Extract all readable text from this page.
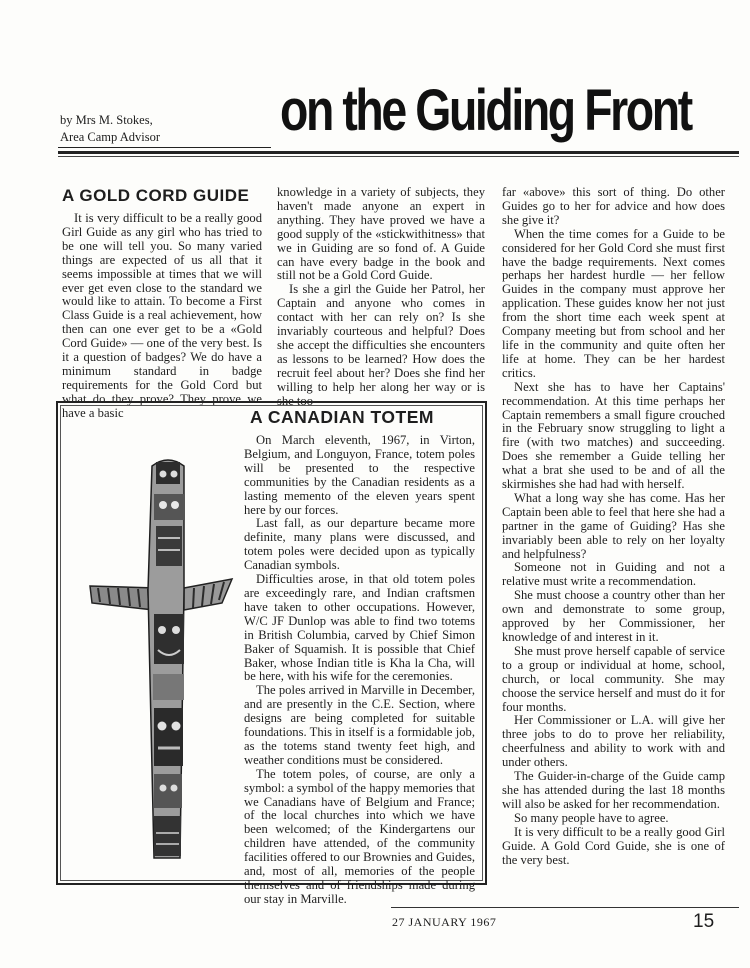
by Mrs M. Stokes,
Area Camp Advisor on the Guiding Front
A GOLD CORD GUIDE

It is very difficult to be a really good Girl Guide as any girl who has tried to be one will tell you. So many varied things are expected of us all that it seems impossible at times that we will ever get even close to the standard we would like to attain. To become a First Class Guide is a real achievement, how then can one ever get to be a «Gold Cord Guide» — one of the very best. Is it a question of badges? We do have a minimum standard in badge requirements for the Gold Cord but what do they prove? They prove we have a basic

knowledge in a variety of subjects, they haven't made anyone an expert in anything. They have proved we have a good supply of the «stickwithitness» that we in Guiding are so fond of. A Guide can have every badge in the book and still not be a Gold Cord Guide.

Is she a girl the Guide her Patrol, her Captain and anyone who comes in contact with her can rely on? Is she invariably courteous and helpful? Does she accept the difficulties she encounters as lessons to be learned? How does the recruit feel about her? Does she find her willing to help her along her way or is she too

far «above» this sort of thing. Do other Guides go to her for advice and how does she give it?

When the time comes for a Guide to be considered for her Gold Cord she must first have the badge requirements. Next comes perhaps her hardest hurdle — her fellow Guides in the company must approve her application. These guides know her not just from the short time each week spent at Company meeting but from school and her life in the community and quite often her life at home. They can be her hardest critics.

Next she has to have her Captains' recommendation. At this time perhaps her Captain remembers a small figure crouched in the February snow struggling to light a fire (with two matches) and succeeding. Does she remember a Guide telling her what a brat she used to be and of all the skirmishes she had had with herself.

What a long way she has come. Has her Captain been able to feel that here she had a partner in the game of Guiding? Has she invariably been able to rely on her loyalty and helpfulness?

Someone not in Guiding and not a relative must write a recommendation.

She must choose a country other than her own and demonstrate to some group, approved by her Commissioner, her knowledge of and interest in it.

She must prove herself capable of service to a group or individual at home, school, church, or local community. She may choose the service herself and must do it for four months.

Her Commissioner or L.A. will give her three jobs to do to prove her reliability, cheerfulness and ability to work with and under others.

The Guider-in-charge of the Guide camp she has attended during the last 18 months will also be asked for her recommendation.

So many people have to agree.

It is very difficult to be a really good Girl Guide. A Gold Cord Guide, she is one of the very best.

A CANADIAN TOTEM

On March eleventh, 1967, in Virton, Belgium, and Longuyon, France, totem poles will be presented to the respective communities by the Canadian residents as a lasting memento of the eleven years spent here by our forces.

Last fall, as our departure became more definite, many plans were discussed, and totem poles were decided upon as typically Canadian symbols.

Difficulties arose, in that old totem poles are exceedingly rare, and Indian craftsmen have taken to other occupations. However, W/C JF Dunlop was able to find two totems in British Columbia, carved by Chief Simon Baker of Squamish. It is possible that Chief Baker, whose Indian title is Kha la Cha, will be here, with his wife for the ceremonies.

The poles arrived in Marville in December, and are presently in the C.E. Section, where designs are being completed for suitable foundations. This in itself is a formidable job, as the totems stand twenty feet high, and weather conditions must be considered.

The totem poles, of course, are only a symbol: a symbol of the happy memories that we Canadians have of Belgium and France; of the local churches into which we have been welcomed; of the Kindergartens our children have attended, of the community facilities offered to our Brownies and Guides, and, most of all, memories of the people themselves and of friendships made during our stay in Marville.

27 JANUARY 1967	15
